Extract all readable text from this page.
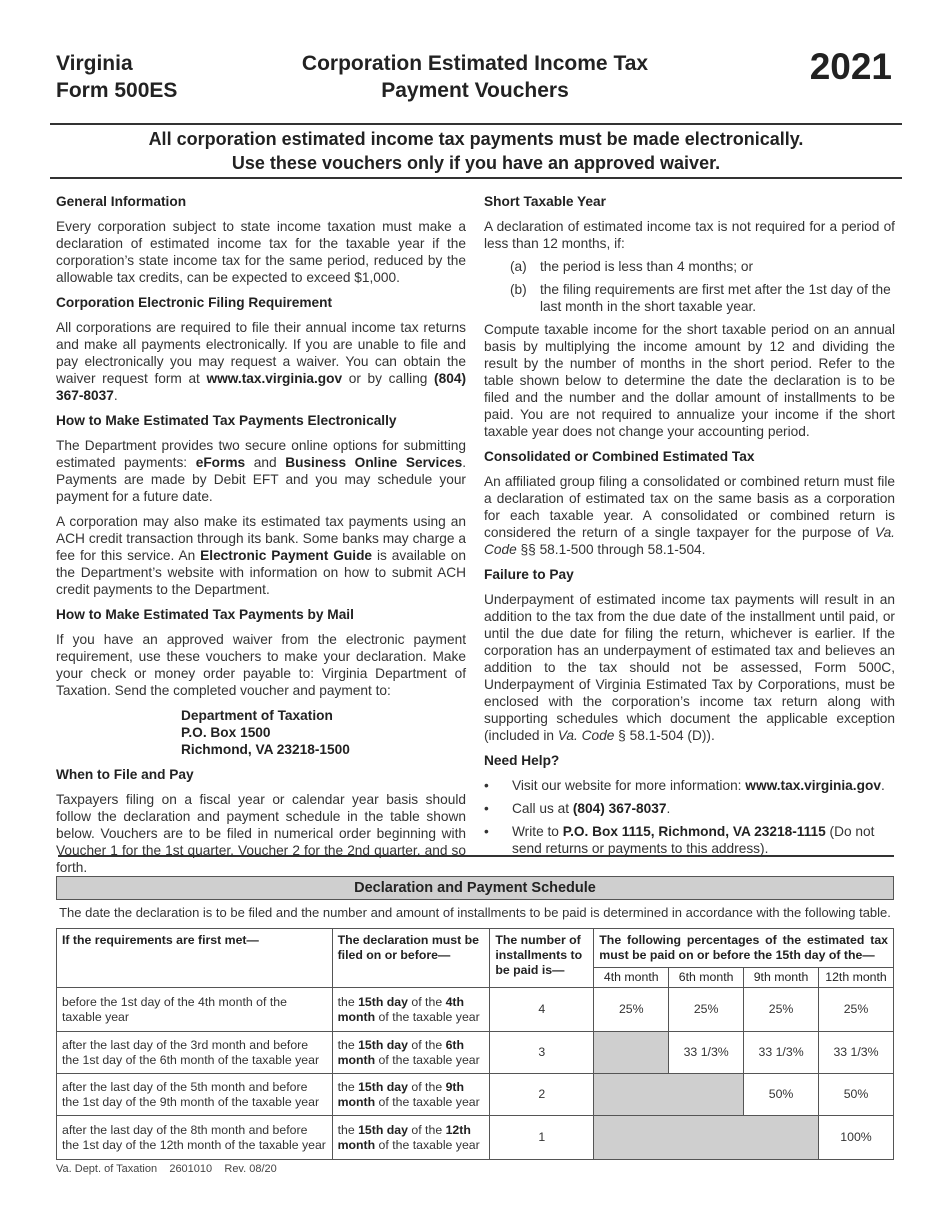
Virginia
Form 500ES
Corporation Estimated Income Tax
Payment Vouchers
2021
All corporation estimated income tax payments must be made electronically.
Use these vouchers only if you have an approved waiver.
General Information

Every corporation subject to state income taxation must make a declaration of estimated income tax for the taxable year if the corporation’s state income tax for the same period, reduced by the allowable tax credits, can be expected to exceed $1,000.

Corporation Electronic Filing Requirement

All corporations are required to file their annual income tax returns and make all payments electronically. If you are unable to file and pay electronically you may request a waiver. You can obtain the waiver request form at www.tax.virginia.gov or by calling (804) 367-8037.

How to Make Estimated Tax Payments Electronically

The Department provides two secure online options for submitting estimated payments: eForms and Business Online Services. Payments are made by Debit EFT and you may schedule your payment for a future date.

A corporation may also make its estimated tax payments using an ACH credit transaction through its bank. Some banks may charge a fee for this service. An Electronic Payment Guide is available on the Department’s website with information on how to submit ACH credit payments to the Department.

How to Make Estimated Tax Payments by Mail

If you have an approved waiver from the electronic payment requirement, use these vouchers to make your declaration. Make your check or money order payable to: Virginia Department of Taxation. Send the completed voucher and payment to:

Department of Taxation
P.O. Box 1500
Richmond, VA 23218-1500
When to File and Pay

Taxpayers filing on a fiscal year or calendar year basis should follow the declaration and payment schedule in the table shown below. Vouchers are to be filed in numerical order beginning with Voucher 1 for the 1st quarter, Voucher 2 for the 2nd quarter, and so forth.

Short Taxable Year

A declaration of estimated income tax is not required for a period of less than 12 months, if:

(a) the period is less than 4 months; or
(b) the filing requirements are first met after the 1st day of the last month in the short taxable year.

Compute taxable income for the short taxable period on an annual basis by multiplying the income amount by 12 and dividing the result by the number of months in the short period. Refer to the table shown below to determine the date the declaration is to be filed and the number and the dollar amount of installments to be paid. You are not required to annualize your income if the short taxable year does not change your accounting period.

Consolidated or Combined Estimated Tax

An affiliated group filing a consolidated or combined return must file a declaration of estimated tax on the same basis as a corporation for each taxable year. A consolidated or combined return is considered the return of a single taxpayer for the purpose of Va. Code §§ 58.1-500 through 58.1-504.

Failure to Pay

Underpayment of estimated income tax payments will result in an addition to the tax from the due date of the installment until paid, or until the due date for filing the return, whichever is earlier. If the corporation has an underpayment of estimated tax and believes an addition to the tax should not be assessed, Form 500C, Underpayment of Virginia Estimated Tax by Corporations, must be enclosed with the corporation’s income tax return along with supporting schedules which document the applicable exception (included in Va. Code § 58.1-504 (D)).

Need Help?
•	Visit our website for more information: www.tax.virginia.gov.
•	Call us at (804) 367-8037.
•	Write to P.O. Box 1115, Richmond, VA 23218-1115 (Do not send returns or payments to this address).
Declaration and Payment Schedule
The date the declaration is to be filed and the number and amount of installments to be paid is determined in accordance with the following table.
If the requirements are first met—	The declaration must be filed on or before—	The number of installments to be paid is—	The following percentages of the estimated tax must be paid on or before the 15th day of the—			
			4th month	6th month	9th month	12th month
before the 1st day of the 4th month of the taxable year	the 15th day of the 4th month of the taxable year	4	25%	25%	25%	25%
after the last day of the 3rd month and before the 1st day of the 6th month of the taxable year	the 15th day of the 6th month of the taxable year	3		33 1/3%	33 1/3%	33 1/3%
after the last day of the 5th month and before the 1st day of the 9th month of the taxable year	the 15th day of the 9th month of the taxable year	2			50%	50%
after the last day of the 8th month and before the 1st day of the 12th month of the taxable year	the 15th day of the 12th month of the taxable year	1				100%
Va. Dept. of Taxation    2601010    Rev. 08/20
